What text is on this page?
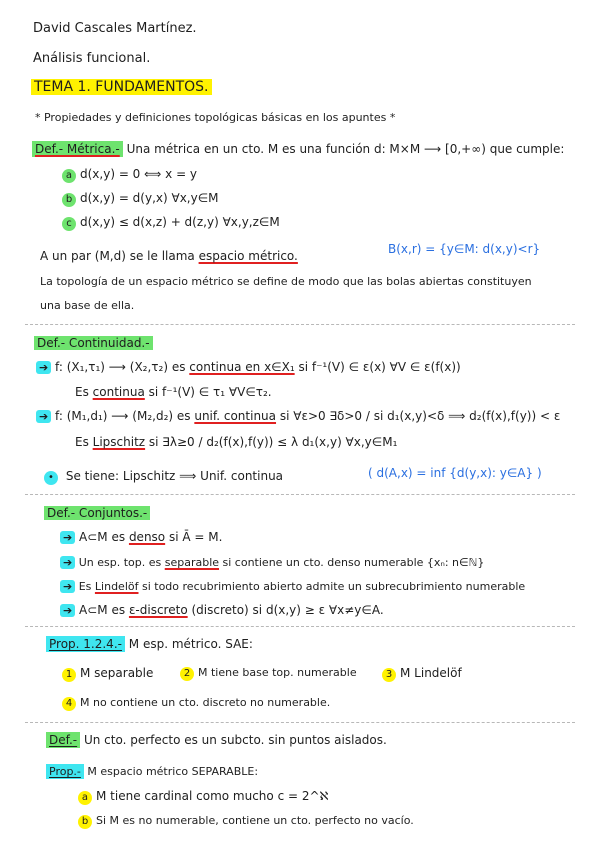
David Cascales Martínez.
Análisis funcional.
TEMA 1. FUNDAMENTOS.
* Propiedades y definiciones topológicas básicas en los apuntes *
Def.- Métrica.- Una métrica en un cto. M es una función d: M×M ⟶ [0,+∞) que cumple:
a d(x,y) = 0 ⟺ x = y
b d(x,y) = d(y,x) ∀x,y∈M
c d(x,y) ≤ d(x,z) + d(z,y) ∀x,y,z∈M
A un par (M,d) se le llama espacio métrico.	B(x,r) = {y∈M: d(x,y)<r}
La topología de un espacio métrico se define de modo que las bolas abiertas constituyen
una base de ella.
Def.- Continuidad.-
➔ f: (X₁,τ₁) ⟶ (X₂,τ₂) es continua en x∈X₁ si f⁻¹(V) ∈ ε(x) ∀V ∈ ε(f(x))
Es continua si f⁻¹(V) ∈ τ₁ ∀V∈τ₂.
➔ f: (M₁,d₁) ⟶ (M₂,d₂) es unif. continua si ∀ε>0 ∃δ>0 / si d₁(x,y)<δ ⟹ d₂(f(x),f(y)) < ε
Es Lipschitz si ∃λ≥0 / d₂(f(x),f(y)) ≤ λ d₁(x,y) ∀x,y∈M₁
• Se tiene: Lipschitz ⟹ Unif. continua	( d(A,x) = inf {d(y,x): y∈A} )
Def.- Conjuntos.-
➔ A⊂M es denso si Ā = M.
➔ Un esp. top. es separable si contiene un cto. denso numerable {xₙ: n∈ℕ}
➔ Es Lindelöf si todo recubrimiento abierto admite un subrecubrimiento numerable
➔ A⊂M es ε-discreto (discreto) si d(x,y) ≥ ε ∀x≠y∈A.
Prop. 1.2.4.- M esp. métrico. SAE:
1 M separable	2 M tiene base top. numerable	3 M Lindelöf
4 M no contiene un cto. discreto no numerable.
Def.- Un cto. perfecto es un subcto. sin puntos aislados.
Prop.- M espacio métrico SEPARABLE:
a M tiene cardinal como mucho c = 2^ℵ
b Si M es no numerable, contiene un cto. perfecto no vacío.
